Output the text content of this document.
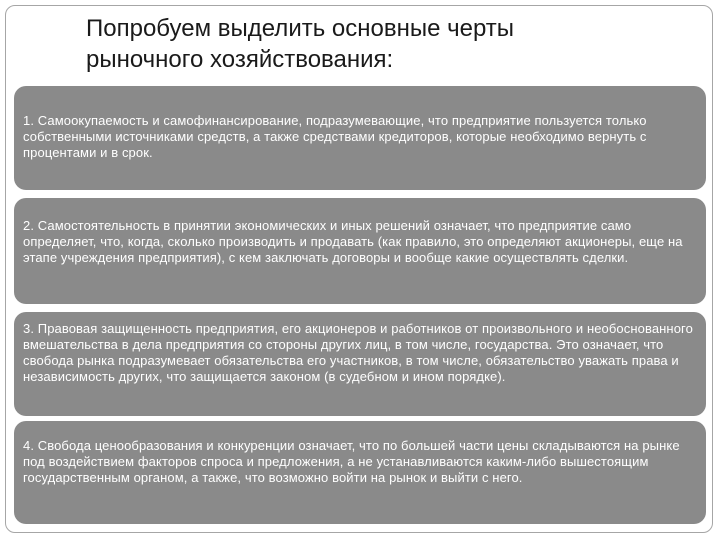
Попробуем выделить основные черты
рыночного хозяйствования:
1. Самоокупаемость и самофинансирование, подразумевающие, что предприятие пользуется только собственными источниками средств, а также средствами кредиторов, которые необходимо вернуть с процентами и в срок.
2. Самостоятельность в принятии экономических и иных решений означает, что предприятие само определяет, что, когда, сколько производить и продавать (как правило, это определяют акционеры, еще на этапе учреждения предприятия), с кем заключать договоры и вообще какие осуществлять сделки.
3. Правовая защищенность предприятия, его акционеров и работников от произвольного и необоснованного вмешательства в дела предприятия со стороны других лиц, в том числе, государства. Это означает, что свобода рынка подразумевает обязательства его участников, в том числе, обязательство уважать права и независимость других, что защищается законом (в судебном и ином порядке).
4. Свобода ценообразования и конкуренции означает, что по большей части цены складываются на рынке под воздействием факторов спроса и предложения, а не устанавливаются каким-либо вышестоящим государственным органом, а также, что возможно войти на рынок и выйти с него.
